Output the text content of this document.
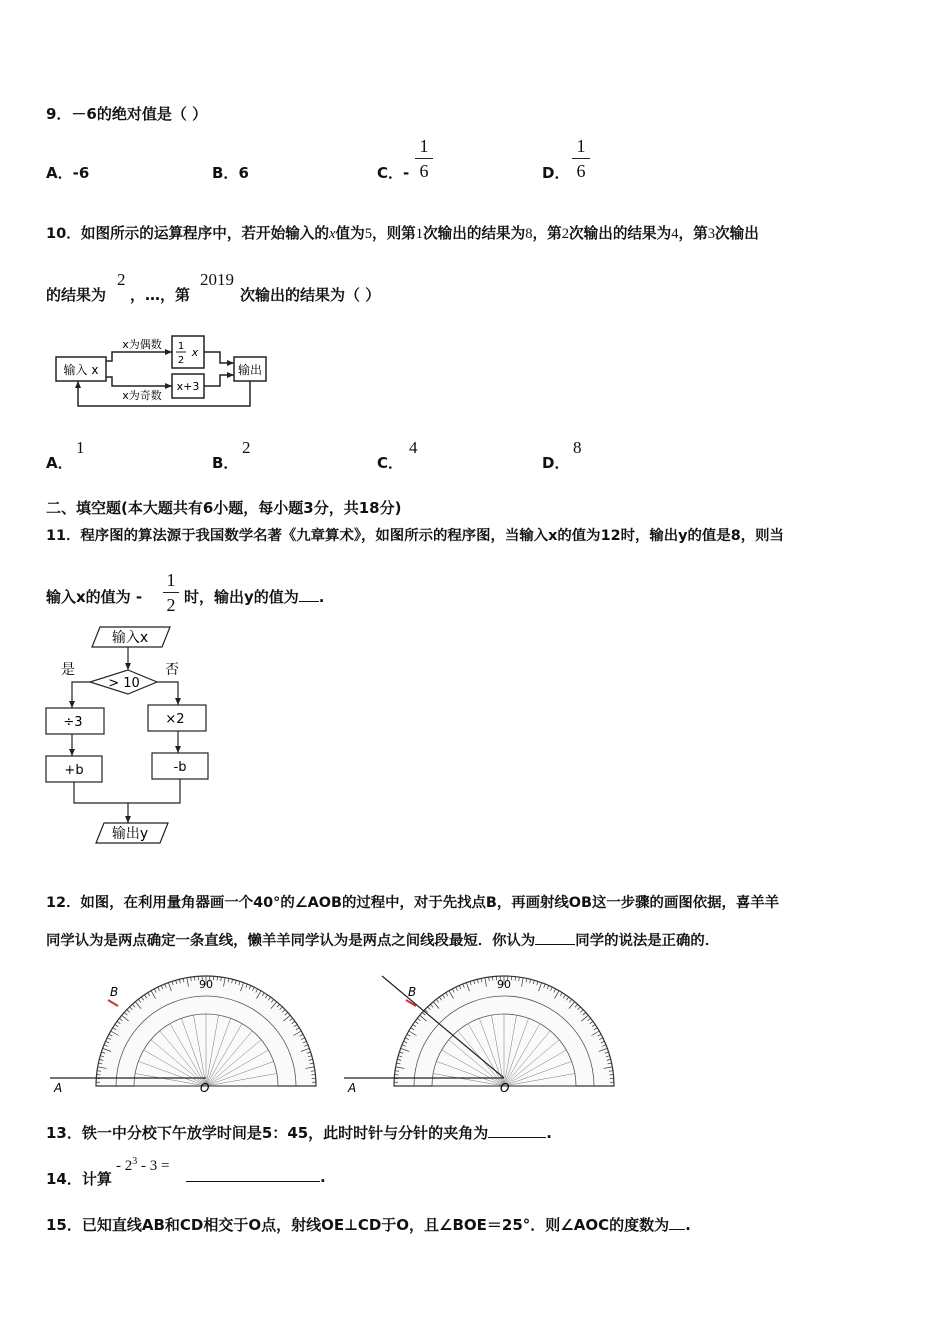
9．－6的绝对值是（ ）
A．-6	B．6	C．-
1
6	D．
1
6
10．如图所示的运算程序中，若开始输入的x值为5，则第1次输出的结果为8，第2次输出的结果为4，第3次输出
的结果为
2
，…，第
2019
次输出的结果为（ ）
输入 x
x为偶数
x为奇数
1
2
x
x+3
输出
A．
1
B．
2
C．
4
D．
8
二、填空题(本大题共有6小题，每小题3分，共18分)
11．程序图的算法源于我国数学名著《九章算术》，如图所示的程序图，当输入x的值为12时，输出y的值是8，则当
输入x的值为 -
1
2 时，输出y的值为 .
输入x
是	否
> 10
÷3	×2
+b	-b
输出y
12．如图，在利用量角器画一个40°的∠AOB的过程中，对于先找点B，再画射线OB这一步骤的画图依据，喜羊羊
同学认为是两点确定一条直线，懒羊羊同学认为是两点之间线段最短．你认为	同学的说法是正确的．
A
B
O
90
A
B
O
90
13．铁一中分校下午放学时间是5：45，此时时针与分针的夹角为	.
14．计算
- $2^3 - 3$ =
.
15．已知直线AB和CD相交于O点，射线OE⊥CD于O，且∠BOE＝25°．则∠AOC的度数为 .
